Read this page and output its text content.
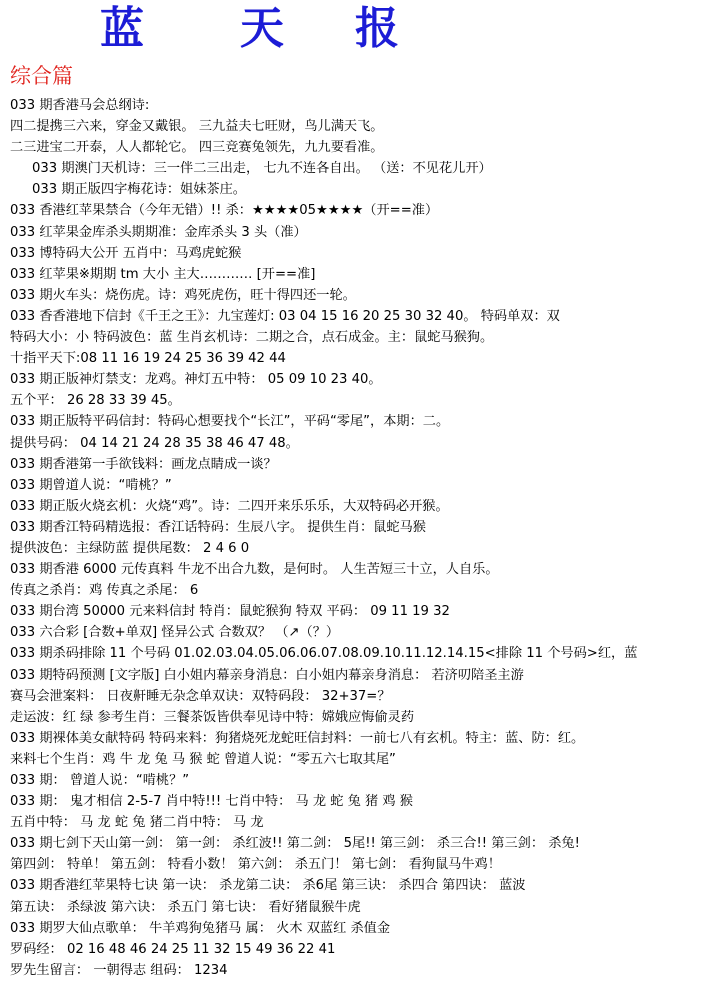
蓝 天 报
综合篇
033 期香港马会总纲诗:
四二提携三六来，穿金又戴银。 三九益夫七旺财，鸟儿满天飞。
二三进宝二开泰，人人都轮它。 四三竞赛兔领先，九九要看准。
033 期澳门天机诗：三一伴二三出走， 七九不连各自出。 （送：不见花儿开）
033 期正版四字梅花诗：姐妹茶庄。
033 香港红苹果禁合（今年无错）!! 杀：★★★★05★★★★（开==准）
033 红苹果金库杀头期期准：金库杀头 3 头（准）
033 博特码大公开 五肖中：马鸡虎蛇猴
033 红苹果※期期 tm 大小 主大………… [开==准]
033 期火车头：烧伤虎。诗：鸡死虎伤，旺十得四还一轮。
033 香香港地下信封《千王之王》：九宝莲灯: 03 04 15 16 20 25 30 32 40。 特码单双：双
特码大小：小 特码波色：蓝 生肖玄机诗：二期之合，点石成金。主：鼠蛇马猴狗。
十指平天下:08 11 16 19 24 25 36 39 42 44
033 期正版神灯禁支：龙鸡。神灯五中特： 05 09 10 23 40。
五个平： 26 28 33 39 45。
033 期正版特平码信封：特码心想要找个“长江”，平码“零尾”，本期：二。
提供号码： 04 14 21 24 28 35 38 46 47 48。
033 期香港第一手欲钱料：画龙点睛成一谈？
033 期曾道人说：“啃桃？”
033 期正版火烧玄机：火烧“鸡”。诗：二四开来乐乐乐，大双特码必开猴。
033 期香江特码精选报：香江话特码：生辰八字。 提供生肖：鼠蛇马猴
提供波色：主绿防蓝 提供尾数： 2 4 6 0
033 期香港 6000 元传真料 牛龙不出合九数，是何时。 人生苦短三十立，人自乐。
传真之杀肖：鸡 传真之杀尾： 6
033 期台湾 50000 元来料信封 特肖：鼠蛇猴狗 特双 平码： 09 11 19 32
033 六合彩 [合数+单双] 怪异公式 合数双？ （↗（？）
033 期杀码排除 11 个号码 01.02.03.04.05.06.06.07.08.09.10.11.12.14.15<排除 11 个号码>红，蓝
033 期特码预测 [文字版] 白小姐内幕亲身消息：白小姐内幕亲身消息： 若济叨陪圣主游
赛马会泄案料： 日夜鼾睡无杂念单双诀：双特码段： 32+37=？
走运波：红 绿 参考生肖：三餐茶饭皆供奉见诗中特：嫦娥应悔偷灵药
033 期裸体美女献特码 特码来料：狗猪烧死龙蛇旺信封料：一前七八有玄机。特主：蓝、防：红。
来料七个生肖：鸡 牛 龙 兔 马 猴 蛇 曾道人说：“零五六七取其尾”
033 期： 曾道人说：“啃桃？”
033 期： 鬼才相信 2-5-7 肖中特!!! 七肖中特： 马 龙 蛇 兔 猪 鸡 猴
五肖中特： 马 龙 蛇 兔 猪二肖中特： 马 龙
033 期七剑下天山第一剑： 第一剑： 杀红波!! 第二剑： 5尾!! 第三剑： 杀三合!! 第三剑： 杀兔!
第四剑： 特单！ 第五剑： 特看小数！ 第六剑： 杀五门！ 第七剑： 看狗鼠马牛鸡！
033 期香港红苹果特七诀 第一诀： 杀龙第二诀： 杀6尾 第三诀： 杀四合 第四诀： 蓝波
第五诀： 杀绿波 第六诀： 杀五门 第七诀： 看好猪鼠猴牛虎
033 期罗大仙点歌单： 牛羊鸡狗兔猪马 属： 火木 双蓝红 杀值金
罗码经： 02 16 48 46 24 25 11 32 15 49 36 22 41
罗先生留言： 一朝得志 组码： 1234
